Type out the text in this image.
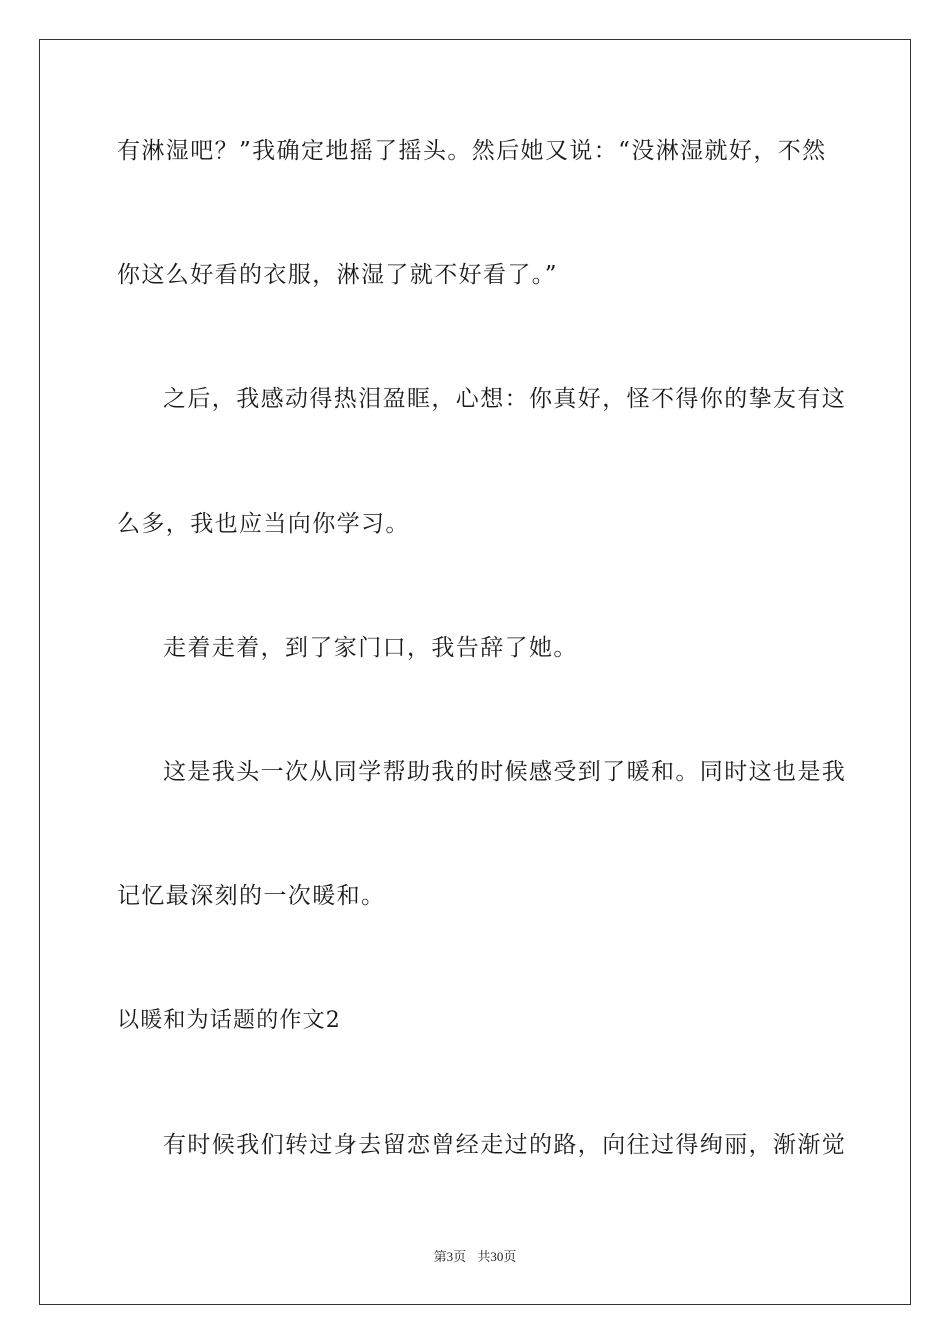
有淋湿吧？”我确定地摇了摇头。然后她又说：“没淋湿就好，不然
你这么好看的衣服，淋湿了就不好看了。”
之后，我感动得热泪盈眶，心想：你真好，怪不得你的挚友有这
么多，我也应当向你学习。
走着走着，到了家门口，我告辞了她。
这是我头一次从同学帮助我的时候感受到了暖和。同时这也是我
记忆最深刻的一次暖和。
以暖和为话题的作文2
有时候我们转过身去留恋曾经走过的路，向往过得绚丽，渐渐觉
第3页 共30页
